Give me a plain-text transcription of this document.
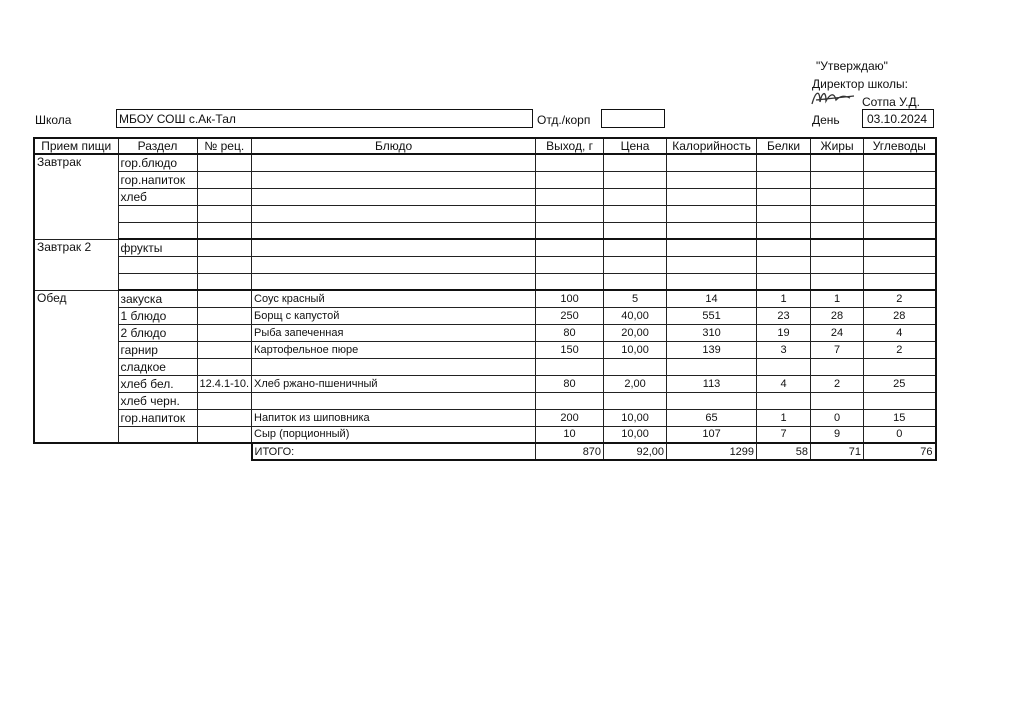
"Утверждаю"
Директор школы:
Сотпа У.Д.
Школа	МБОУ СОШ с.Ак-Тал	Отд./корп	День 03.10.2024
Прием пищи	Раздел	№ рец.	Блюдо	Выход, г	Цена	Калорийность	Белки	Жиры	Углеводы
Завтрак	гор.блюдо								
	гор.напиток								
	хлеб								

Завтрак 2	фрукты								

Обед	закуска		Соус красный	100	5	14	1	1	2
	1 блюдо		Борщ с капустой	250	40,00	551	23	28	28
	2 блюдо		Рыба запеченная	80	20,00	310	19	24	4
	гарнир		Картофельное пюре	150	10,00	139	3	7	2
	сладкое								
	хлеб бел.	12.4.1-10.	Хлеб ржано-пшеничный	80	2,00	113	4	2	25
	хлеб черн.								
	гор.напиток		Напиток из шиповника	200	10,00	65	1	0	15
			Сыр (порционный)	10	10,00	107	7	9	0
			ИТОГО:	870	92,00	1299	58	71	76
